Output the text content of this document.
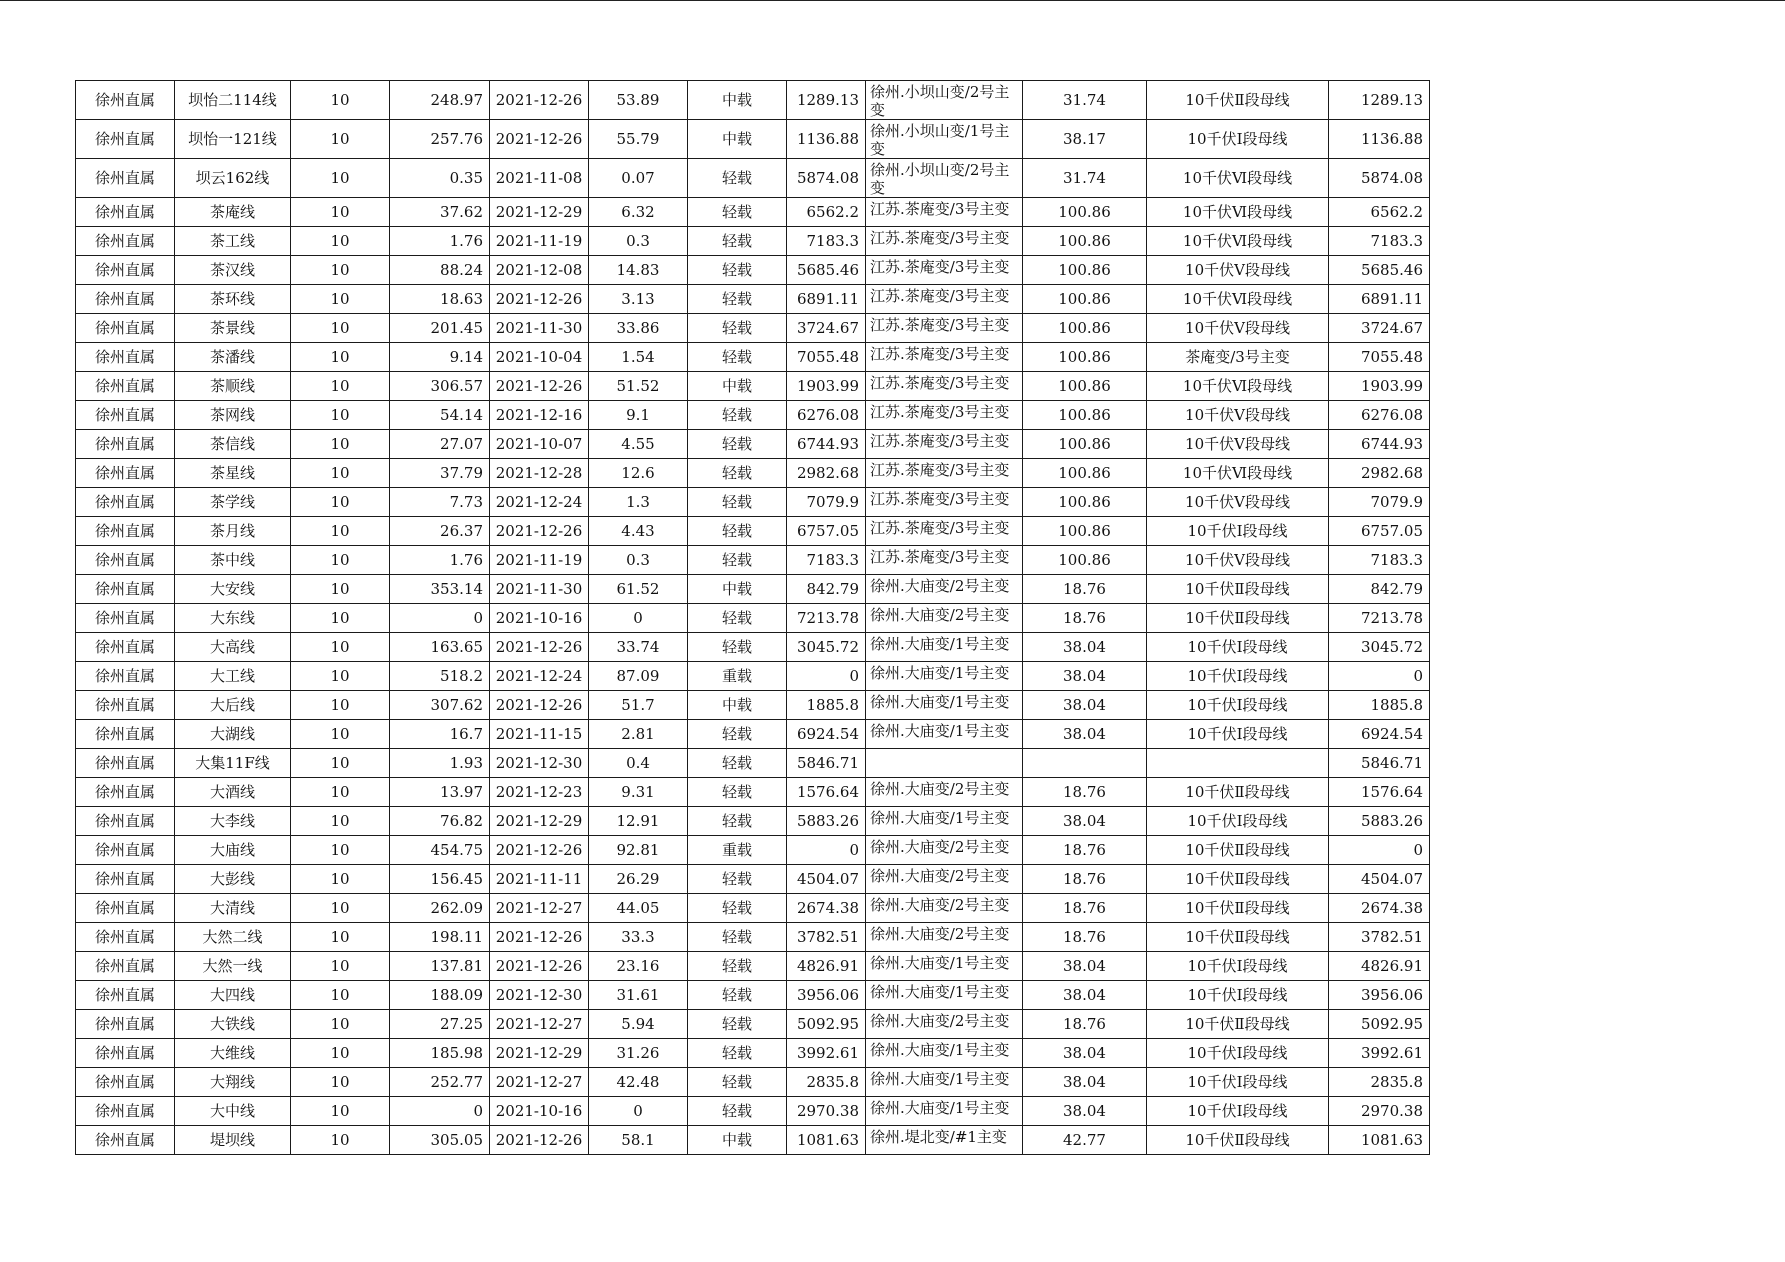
徐州直属	坝怡二114线	10	248.97	2021-12-26	53.89	中载	1289.13	徐州.小坝山变/2号主变	31.74	10千伏Ⅱ段母线	1289.13
徐州直属	坝怡一121线	10	257.76	2021-12-26	55.79	中载	1136.88	徐州.小坝山变/1号主变	38.17	10千伏Ⅰ段母线	1136.88
徐州直属	坝云162线	10	0.35	2021-11-08	0.07	轻载	5874.08	徐州.小坝山变/2号主变	31.74	10千伏Ⅵ段母线	5874.08
徐州直属	茶庵线	10	37.62	2021-12-29	6.32	轻载	6562.2	江苏.茶庵变/3号主变	100.86	10千伏Ⅵ段母线	6562.2
徐州直属	茶工线	10	1.76	2021-11-19	0.3	轻载	7183.3	江苏.茶庵变/3号主变	100.86	10千伏Ⅵ段母线	7183.3
徐州直属	茶汉线	10	88.24	2021-12-08	14.83	轻载	5685.46	江苏.茶庵变/3号主变	100.86	10千伏Ⅴ段母线	5685.46
徐州直属	茶环线	10	18.63	2021-12-26	3.13	轻载	6891.11	江苏.茶庵变/3号主变	100.86	10千伏Ⅵ段母线	6891.11
徐州直属	茶景线	10	201.45	2021-11-30	33.86	轻载	3724.67	江苏.茶庵变/3号主变	100.86	10千伏Ⅴ段母线	3724.67
徐州直属	茶潘线	10	9.14	2021-10-04	1.54	轻载	7055.48	江苏.茶庵变/3号主变	100.86	茶庵变/3号主变	7055.48
徐州直属	茶顺线	10	306.57	2021-12-26	51.52	中载	1903.99	江苏.茶庵变/3号主变	100.86	10千伏Ⅵ段母线	1903.99
徐州直属	茶网线	10	54.14	2021-12-16	9.1	轻载	6276.08	江苏.茶庵变/3号主变	100.86	10千伏Ⅴ段母线	6276.08
徐州直属	茶信线	10	27.07	2021-10-07	4.55	轻载	6744.93	江苏.茶庵变/3号主变	100.86	10千伏Ⅴ段母线	6744.93
徐州直属	茶星线	10	37.79	2021-12-28	12.6	轻载	2982.68	江苏.茶庵变/3号主变	100.86	10千伏Ⅵ段母线	2982.68
徐州直属	茶学线	10	7.73	2021-12-24	1.3	轻载	7079.9	江苏.茶庵变/3号主变	100.86	10千伏Ⅴ段母线	7079.9
徐州直属	茶月线	10	26.37	2021-12-26	4.43	轻载	6757.05	江苏.茶庵变/3号主变	100.86	10千伏Ⅰ段母线	6757.05
徐州直属	茶中线	10	1.76	2021-11-19	0.3	轻载	7183.3	江苏.茶庵变/3号主变	100.86	10千伏Ⅴ段母线	7183.3
徐州直属	大安线	10	353.14	2021-11-30	61.52	中载	842.79	徐州.大庙变/2号主变	18.76	10千伏Ⅱ段母线	842.79
徐州直属	大东线	10	0	2021-10-16	0	轻载	7213.78	徐州.大庙变/2号主变	18.76	10千伏Ⅱ段母线	7213.78
徐州直属	大高线	10	163.65	2021-12-26	33.74	轻载	3045.72	徐州.大庙变/1号主变	38.04	10千伏Ⅰ段母线	3045.72
徐州直属	大工线	10	518.2	2021-12-24	87.09	重载	0	徐州.大庙变/1号主变	38.04	10千伏Ⅰ段母线	0
徐州直属	大后线	10	307.62	2021-12-26	51.7	中载	1885.8	徐州.大庙变/1号主变	38.04	10千伏Ⅰ段母线	1885.8
徐州直属	大湖线	10	16.7	2021-11-15	2.81	轻载	6924.54	徐州.大庙变/1号主变	38.04	10千伏Ⅰ段母线	6924.54
徐州直属	大集11F线	10	1.93	2021-12-30	0.4	轻载	5846.71				5846.71
徐州直属	大酒线	10	13.97	2021-12-23	9.31	轻载	1576.64	徐州.大庙变/2号主变	18.76	10千伏Ⅱ段母线	1576.64
徐州直属	大李线	10	76.82	2021-12-29	12.91	轻载	5883.26	徐州.大庙变/1号主变	38.04	10千伏Ⅰ段母线	5883.26
徐州直属	大庙线	10	454.75	2021-12-26	92.81	重载	0	徐州.大庙变/2号主变	18.76	10千伏Ⅱ段母线	0
徐州直属	大彭线	10	156.45	2021-11-11	26.29	轻载	4504.07	徐州.大庙变/2号主变	18.76	10千伏Ⅱ段母线	4504.07
徐州直属	大清线	10	262.09	2021-12-27	44.05	轻载	2674.38	徐州.大庙变/2号主变	18.76	10千伏Ⅱ段母线	2674.38
徐州直属	大然二线	10	198.11	2021-12-26	33.3	轻载	3782.51	徐州.大庙变/2号主变	18.76	10千伏Ⅱ段母线	3782.51
徐州直属	大然一线	10	137.81	2021-12-26	23.16	轻载	4826.91	徐州.大庙变/1号主变	38.04	10千伏Ⅰ段母线	4826.91
徐州直属	大四线	10	188.09	2021-12-30	31.61	轻载	3956.06	徐州.大庙变/1号主变	38.04	10千伏Ⅰ段母线	3956.06
徐州直属	大铁线	10	27.25	2021-12-27	5.94	轻载	5092.95	徐州.大庙变/2号主变	18.76	10千伏Ⅱ段母线	5092.95
徐州直属	大维线	10	185.98	2021-12-29	31.26	轻载	3992.61	徐州.大庙变/1号主变	38.04	10千伏Ⅰ段母线	3992.61
徐州直属	大翔线	10	252.77	2021-12-27	42.48	轻载	2835.8	徐州.大庙变/1号主变	38.04	10千伏Ⅰ段母线	2835.8
徐州直属	大中线	10	0	2021-10-16	0	轻载	2970.38	徐州.大庙变/1号主变	38.04	10千伏Ⅰ段母线	2970.38
徐州直属	堤坝线	10	305.05	2021-12-26	58.1	中载	1081.63	徐州.堤北变/#1主变	42.77	10千伏Ⅱ段母线	1081.63
